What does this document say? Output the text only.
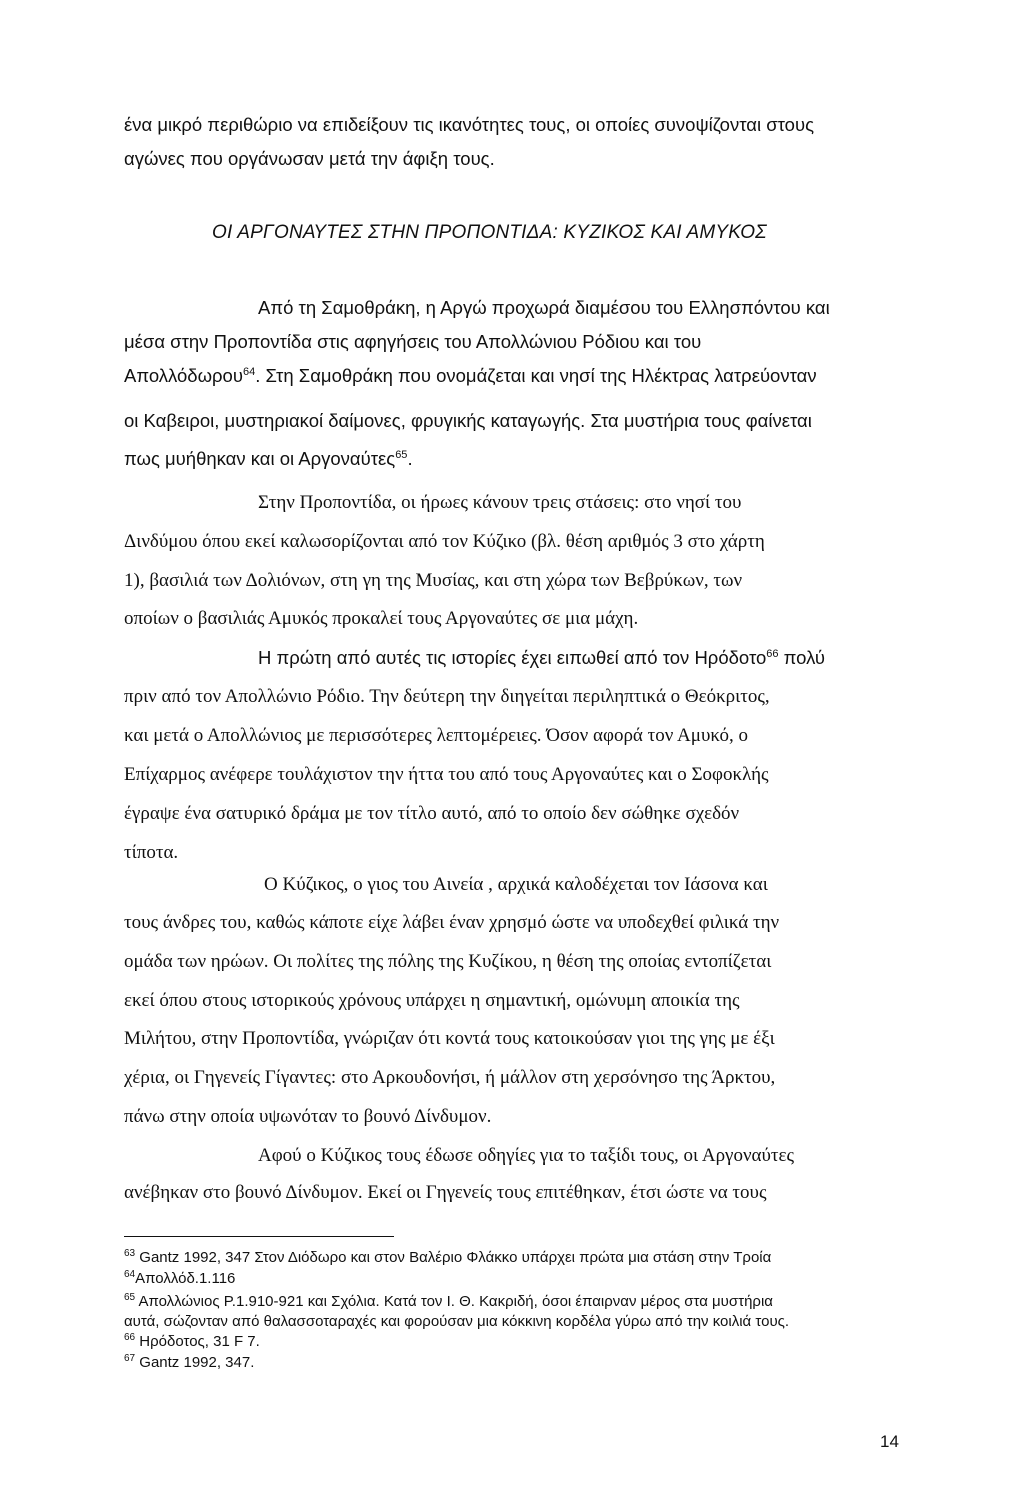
ένα μικρό περιθώριο να επιδείξουν τις ικανότητες τους, οι οποίες συνοψίζονται στους
αγώνες που οργάνωσαν μετά την άφιξη τους.
ΟΙ ΑΡΓΟΝΑΥΤΕΣ ΣΤΗΝ ΠΡΟΠΟΝΤΙΔΑ: ΚΥΖΙΚΟΣ ΚΑΙ ΑΜΥΚΟΣ
Από τη Σαμοθράκη, η Αργώ προχωρά διαμέσου του Ελλησπόντου και
μέσα στην Προποντίδα στις αφηγήσεις του Απολλώνιου Ρόδιου και του
Απολλόδωρου$^{64}$. Στη Σαμοθράκη που ονομάζεται και νησί της Ηλέκτρας λατρεύονταν
οι Καβειροι, μυστηριακοί δαίμονες, φρυγικής καταγωγής. Στα μυστήρια τους φαίνεται
πως μυήθηκαν και οι Αργοναύτες$^{65}$.
Στην Προποντίδα, οι ήρωες κάνουν τρεις στάσεις: στο νησί του
Δινδύμου όπου εκεί καλωσορίζονται από τον Κύζικο (βλ. θέση αριθμός 3 στο χάρτη
1), βασιλιά των Δολιόνων, στη γη της Μυσίας, και στη χώρα των Βεβρύκων, των
οποίων ο βασιλιάς Αμυκός προκαλεί τους Αργοναύτες σε μια μάχη.
Η πρώτη από αυτές τις ιστορίες έχει ειπωθεί από τον Ηρόδοτο$^{66}$ πολύ
πριν από τον Απολλώνιο Ρόδιο. Την δεύτερη την διηγείται περιληπτικά ο Θεόκριτος,
και μετά ο Απολλώνιος με περισσότερες λεπτομέρειες. Όσον αφορά τον Αμυκό, ο
Επίχαρμος ανέφερε τουλάχιστον την ήττα του από τους Αργοναύτες και ο Σοφοκλής
έγραψε ένα σατυρικό δράμα με τον τίτλο αυτό, από το οποίο δεν σώθηκε σχεδόν
τίποτα.
Ο Κύζικος, ο γιος του Αινεία , αρχικά καλοδέχεται τον Ιάσονα και
τους άνδρες του, καθώς κάποτε είχε λάβει έναν χρησμό ώστε να υποδεχθεί φιλικά την
ομάδα των ηρώων. Οι πολίτες της πόλης της Κυζίκου, η θέση της οποίας εντοπίζεται
εκεί όπου στους ιστορικούς χρόνους υπάρχει η σημαντική, ομώνυμη αποικία της
Μιλήτου, στην Προποντίδα, γνώριζαν ότι κοντά τους κατοικούσαν γιοι της γης με έξι
χέρια, οι Γηγενείς Γίγαντες: στο Αρκουδονήσι, ή μάλλον στη χερσόνησο της Άρκτου,
πάνω στην οποία υψωνόταν το βουνό Δίνδυμον.
Αφού ο Κύζικος τους έδωσε οδηγίες για το ταξίδι τους, οι Αργοναύτες
ανέβηκαν στο βουνό Δίνδυμον. Εκεί οι Γηγενείς τους επιτέθηκαν, έτσι ώστε να τους
$^{63}$ Gantz 1992, 347 Στον Διόδωρο και στον Βαλέριο Φλάκκο υπάρχει πρώτα μια στάση στην Τροία
$^{64}$Απολλόδ.1.116
$^{65}$ Απολλώνιος Ρ.1.910-921 και Σχόλια. Κατά τον Ι. Θ. Κακριδή, όσοι έπαιρναν μέρος στα μυστήρια
αυτά, σώζονταν από θαλασσοταραχές και φορούσαν μια κόκκινη κορδέλα γύρω από την κοιλιά τους.
$^{66}$ Ηρόδοτος, 31 F 7.
$^{67}$ Gantz 1992, 347.
14
